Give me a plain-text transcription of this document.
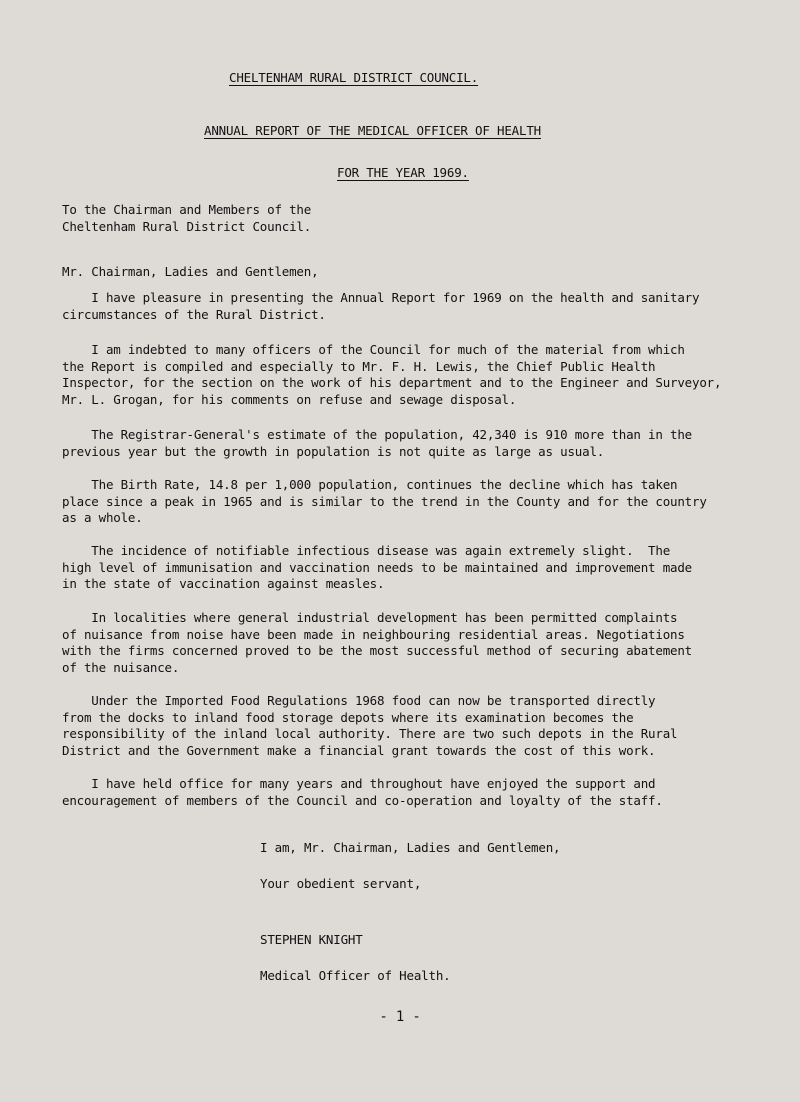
CHELTENHAM RURAL DISTRICT COUNCIL.

ANNUAL REPORT OF THE MEDICAL OFFICER OF HEALTH

FOR THE YEAR 1969.

To the Chairman and Members of the

Cheltenham Rural District Council.

Mr. Chairman, Ladies and Gentlemen,

I have pleasure in presenting the Annual Report for 1969 on the health and sanitary
circumstances of the Rural District.
I am indebted to many officers of the Council for much of the material from which
the Report is compiled and especially to Mr. F. H. Lewis, the Chief Public Health
Inspector, for the section on the work of his department and to the Engineer and Surveyor,
Mr. L. Grogan, for his comments on refuse and sewage disposal.
The Registrar-General's estimate of the population, 42,340 is 910 more than in the
previous year but the growth in population is not quite as large as usual.
The Birth Rate, 14.8 per 1,000 population, continues the decline which has taken
place since a peak in 1965 and is similar to the trend in the County and for the country
as a whole.
The incidence of notifiable infectious disease was again extremely slight.  The
high level of immunisation and vaccination needs to be maintained and improvement made
in the state of vaccination against measles.
In localities where general industrial development has been permitted complaints
of nuisance from noise have been made in neighbouring residential areas. Negotiations
with the firms concerned proved to be the most successful method of securing abatement
of the nuisance.
Under the Imported Food Regulations 1968 food can now be transported directly
from the docks to inland food storage depots where its examination becomes the
responsibility of the inland local authority. There are two such depots in the Rural
District and the Government make a financial grant towards the cost of this work.
I have held office for many years and throughout have enjoyed the support and
encouragement of members of the Council and co-operation and loyalty of the staff.

I am, Mr. Chairman, Ladies and Gentlemen,

Your obedient servant,

STEPHEN KNIGHT

Medical Officer of Health.

- 1 -
